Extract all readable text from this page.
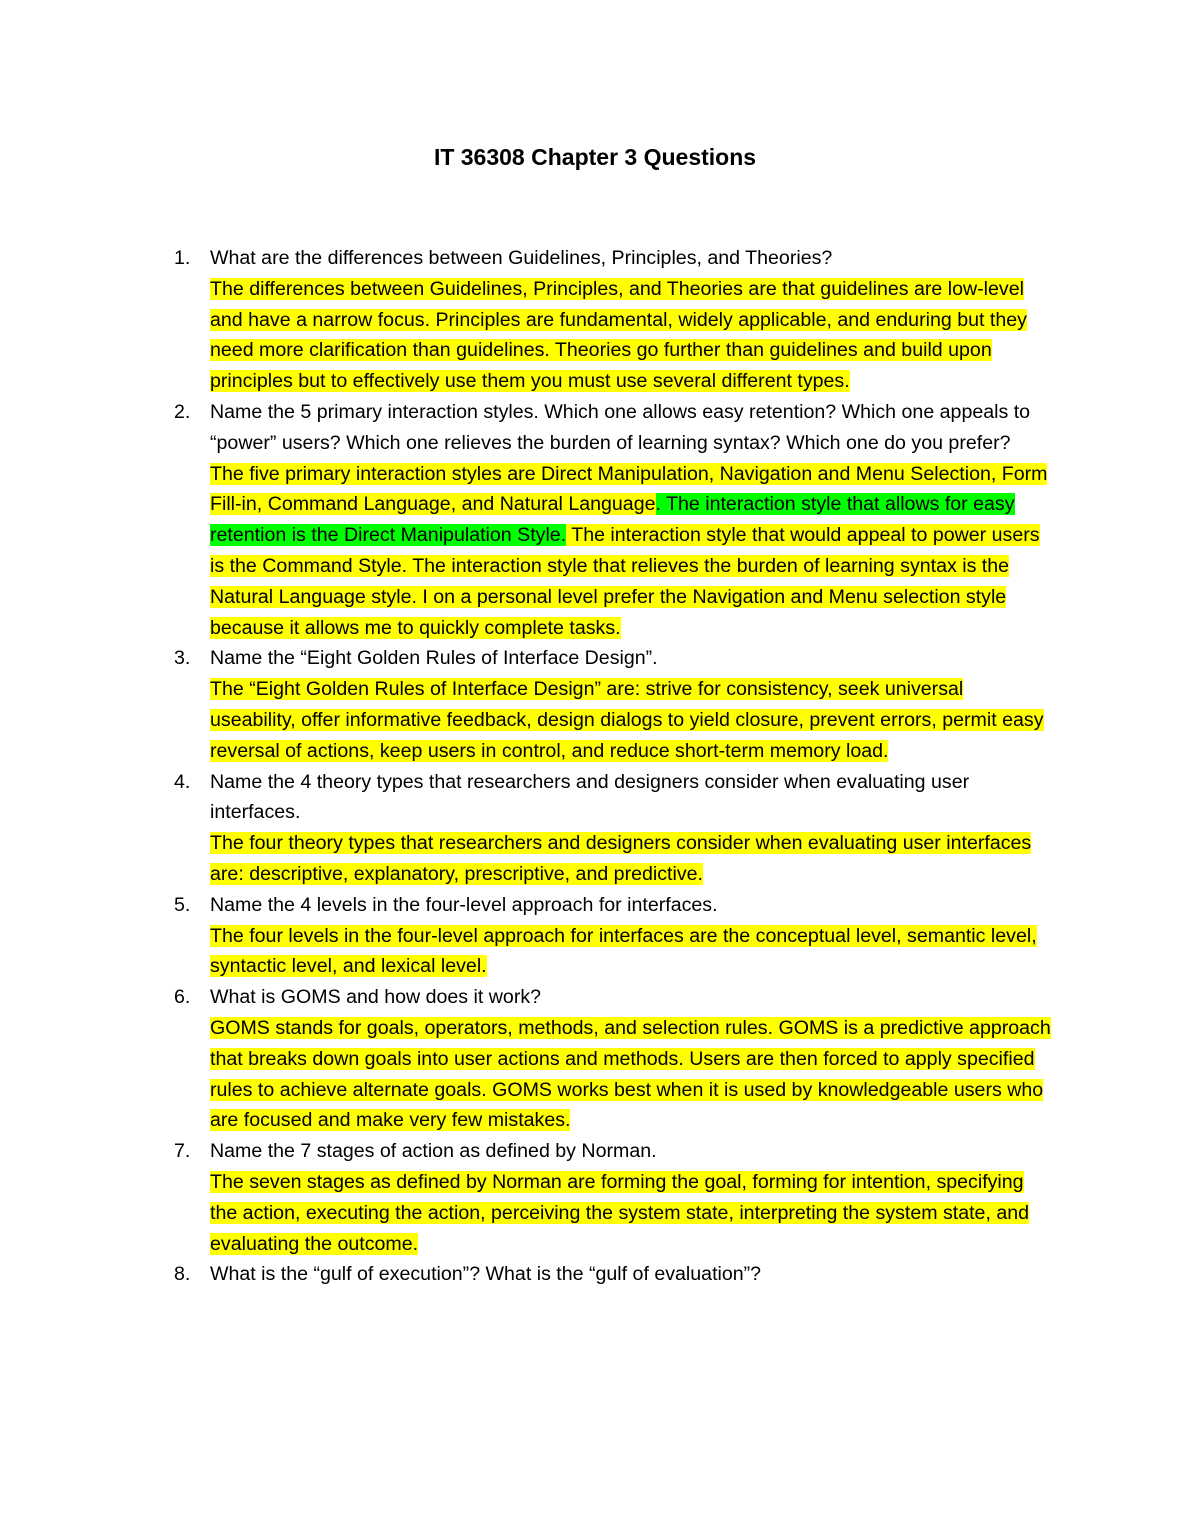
IT 36308 Chapter 3 Questions
1. What are the differences between Guidelines, Principles, and Theories?
The differences between Guidelines, Principles, and Theories are that guidelines are low-level and have a narrow focus. Principles are fundamental, widely applicable, and enduring but they need more clarification than guidelines. Theories go further than guidelines and build upon principles but to effectively use them you must use several different types.
2. Name the 5 primary interaction styles. Which one allows easy retention? Which one appeals to “power” users? Which one relieves the burden of learning syntax? Which one do you prefer?
The five primary interaction styles are Direct Manipulation, Navigation and Menu Selection, Form Fill-in, Command Language, and Natural Language. The interaction style that allows for easy retention is the Direct Manipulation Style. The interaction style that would appeal to power users is the Command Style. The interaction style that relieves the burden of learning syntax is the Natural Language style. I on a personal level prefer the Navigation and Menu selection style because it allows me to quickly complete tasks.
3. Name the “Eight Golden Rules of Interface Design”.
The “Eight Golden Rules of Interface Design” are: strive for consistency, seek universal useability, offer informative feedback, design dialogs to yield closure, prevent errors, permit easy reversal of actions, keep users in control, and reduce short-term memory load.
4. Name the 4 theory types that researchers and designers consider when evaluating user interfaces.
The four theory types that researchers and designers consider when evaluating user interfaces are: descriptive, explanatory, prescriptive, and predictive.
5. Name the 4 levels in the four-level approach for interfaces.
The four levels in the four-level approach for interfaces are the conceptual level, semantic level, syntactic level, and lexical level.
6. What is GOMS and how does it work?
GOMS stands for goals, operators, methods, and selection rules. GOMS is a predictive approach that breaks down goals into user actions and methods. Users are then forced to apply specified rules to achieve alternate goals. GOMS works best when it is used by knowledgeable users who are focused and make very few mistakes.
7. Name the 7 stages of action as defined by Norman.
The seven stages as defined by Norman are forming the goal, forming for intention, specifying the action, executing the action, perceiving the system state, interpreting the system state, and evaluating the outcome.
8. What is the “gulf of execution”? What is the “gulf of evaluation”?
